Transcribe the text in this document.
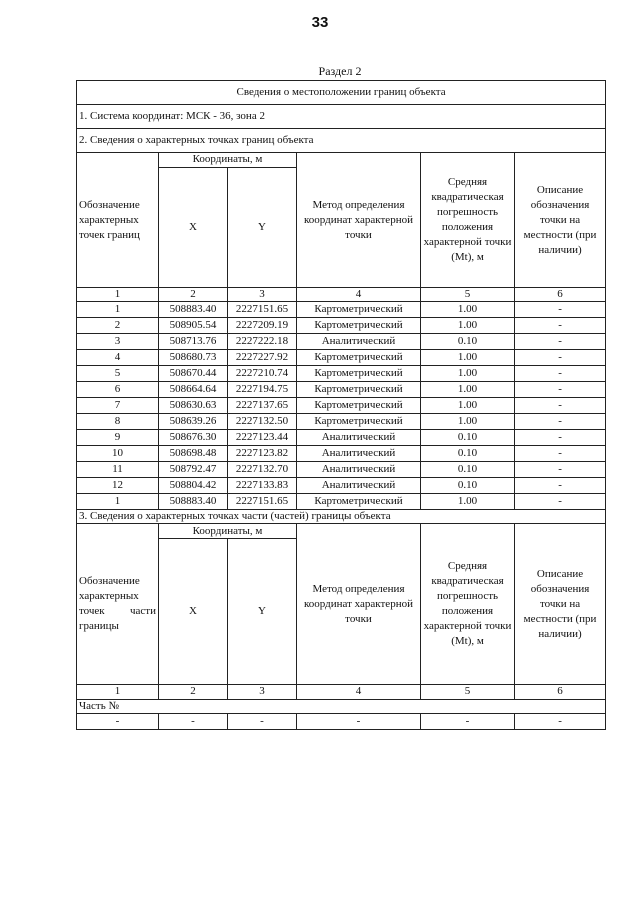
33
Раздел 2
Сведения о местоположении границ объекта					
1. Система координат: МСК - 36, зона 2					
2. Сведения о характерных точках границ объекта					
Обозначение характерных точек границ	Координаты, м		Метод определения координат характерной точки	Средняя квадратическая погрешность положения характерной точки (Mt), м	Описание обозначения точки на местности (при наличии)
	X	Y			
1	2	3	4	5	6
1	508883.40	2227151.65	Картометрический	1.00	-
2	508905.54	2227209.19	Картометрический	1.00	-
3	508713.76	2227222.18	Аналитический	0.10	-
4	508680.73	2227227.92	Картометрический	1.00	-
5	508670.44	2227210.74	Картометрический	1.00	-
6	508664.64	2227194.75	Картометрический	1.00	-
7	508630.63	2227137.65	Картометрический	1.00	-
8	508639.26	2227132.50	Картометрический	1.00	-
9	508676.30	2227123.44	Аналитический	0.10	-
10	508698.48	2227123.82	Аналитический	0.10	-
11	508792.47	2227132.70	Аналитический	0.10	-
12	508804.42	2227133.83	Аналитический	0.10	-
1	508883.40	2227151.65	Картометрический	1.00	-
3. Сведения о характерных точках части (частей) границы объекта					
Обозначение характерных точек части границы	Координаты, м		Метод определения координат характерной точки	Средняя квадратическая погрешность положения характерной точки (Mt), м	Описание обозначения точки на местности (при наличии)
	X	Y			
1	2	3	4	5	6
Часть №					
-	-	-	-	-	-
